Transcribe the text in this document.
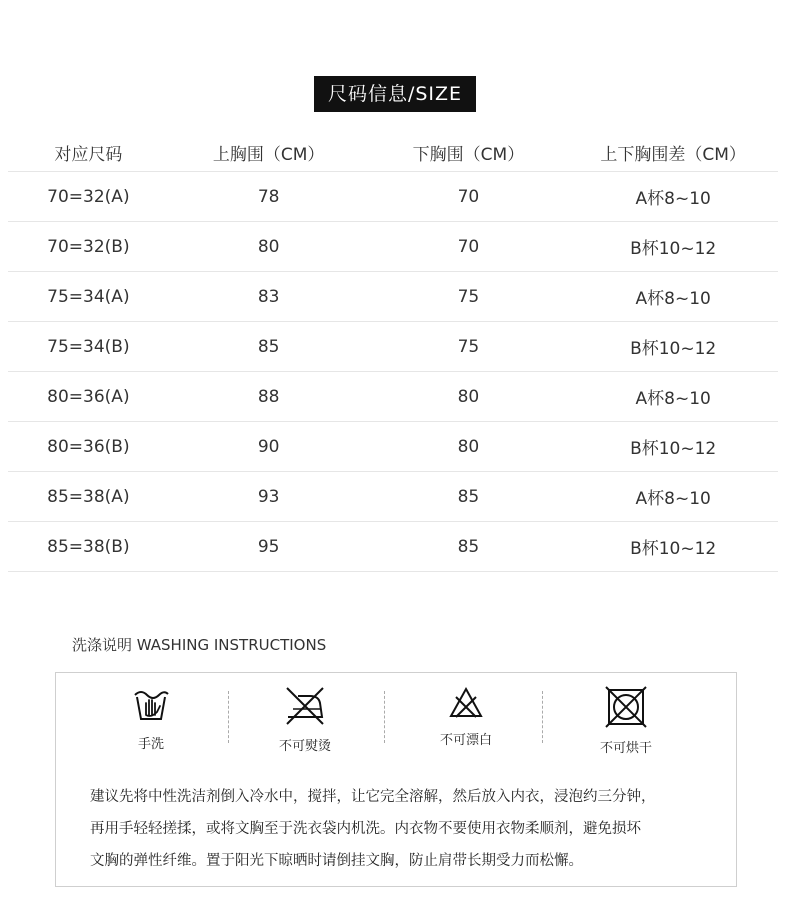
尺码信息/SIZE
对应尺码	上胸围（CM）	下胸围（CM）	上下胸围差（CM）
70=32(A)	78	70	A杯8~10
70=32(B)	80	70	B杯10~12
75=34(A)	83	75	A杯8~10
75=34(B)	85	75	B杯10~12
80=36(A)	88	80	A杯8~10
80=36(B)	90	80	B杯10~12
85=38(A)	93	85	A杯8~10
85=38(B)	95	85	B杯10~12
洗涤说明 WASHING INSTRUCTIONS
手洗	不可熨烫	不可漂白
不可烘干

建议先将中性洗洁剂倒入冷水中，搅拌，让它完全溶解，然后放入内衣，浸泡约三分钟，

再用手轻轻搓揉，或将文胸至于洗衣袋内机洗。内衣物不要使用衣物柔顺剂，避免损坏

文胸的弹性纤维。置于阳光下晾晒时请倒挂文胸，防止肩带长期受力而松懈。
